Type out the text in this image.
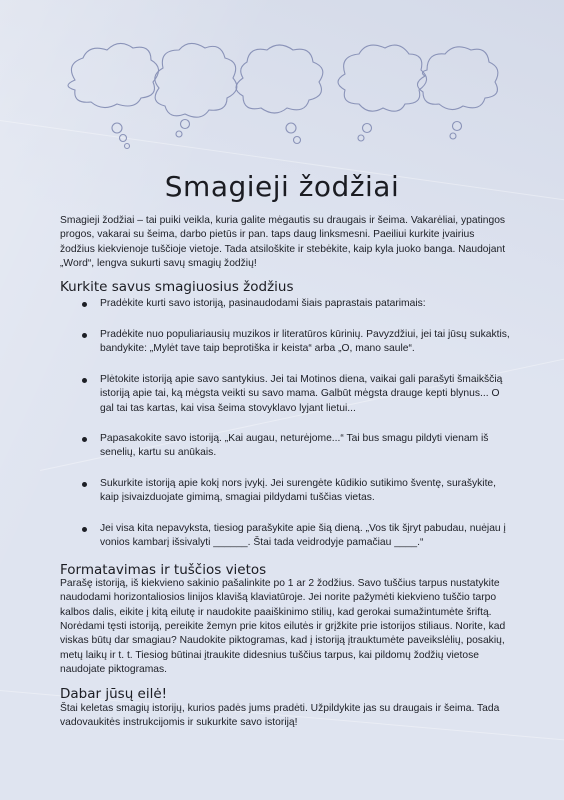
Smagieji žodžiai

Smagieji žodžiai – tai puiki veikla, kuria galite mėgautis su draugais ir šeima. Vakarėliai, ypatingos progos, vakarai su šeima, darbo pietūs ir pan. taps daug linksmesni. Paeiliui kurkite įvairius žodžius kiekvienoje tuščioje vietoje. Tada atsiloškite ir stebėkite, kaip kyla juoko banga. Naudojant „Word“, lengva sukurti savų smagių žodžių!

Kurkite savus smagiuosius žodžius
Pradėkite kurti savo istoriją, pasinaudodami šiais paprastais patarimais:
Pradėkite nuo populiariausių muzikos ir literatūros kūrinių. Pavyzdžiui, jei tai jūsų sukaktis, bandykite: „Mylėt tave taip beprotiška ir keista“ arba „O, mano saule“.
Plėtokite istoriją apie savo santykius. Jei tai Motinos diena, vaikai gali parašyti šmaikščią istoriją apie tai, ką mėgsta veikti su savo mama. Galbūt mėgsta drauge kepti blynus... O gal tai tas kartas, kai visa šeima stovyklavo lyjant lietui...
Papasakokite savo istoriją. „Kai augau, neturėjome...“ Tai bus smagu pildyti vienam iš senelių, kartu su anūkais.
Sukurkite istoriją apie kokį nors įvykį. Jei surengėte kūdikio sutikimo šventę, surašykite, kaip įsivaizduojate gimimą, smagiai pildydami tuščias vietas.
Jei visa kita nepavyksta, tiesiog parašykite apie šią dieną. „Vos tik šįryt pabudau, nuėjau į vonios kambarį išsivalyti ______. Štai tada veidrodyje pamačiau ____.“
Formatavimas ir tuščios vietos

Parašę istoriją, iš kiekvieno sakinio pašalinkite po 1 ar 2 žodžius. Savo tuščius tarpus nustatykite naudodami horizontaliosios linijos klavišą klaviatūroje. Jei norite pažymėti kiekvieno tuščio tarpo kalbos dalis, eikite į kitą eilutę ir naudokite paaiškinimo stilių, kad gerokai sumažintumėte šriftą. Norėdami tęsti istoriją, pereikite žemyn prie kitos eilutės ir grįžkite prie istorijos stiliaus. Norite, kad viskas būtų dar smagiau? Naudokite piktogramas, kad į istoriją įtrauktumėte paveikslėlių, posakių, metų laikų ir t. t. Tiesiog būtinai įtraukite didesnius tuščius tarpus, kai pildomų žodžių vietose naudojate piktogramas.

Dabar jūsų eilė!

Štai keletas smagių istorijų, kurios padės jums pradėti. Užpildykite jas su draugais ir šeima. Tada vadovaukitės instrukcijomis ir sukurkite savo istoriją!
